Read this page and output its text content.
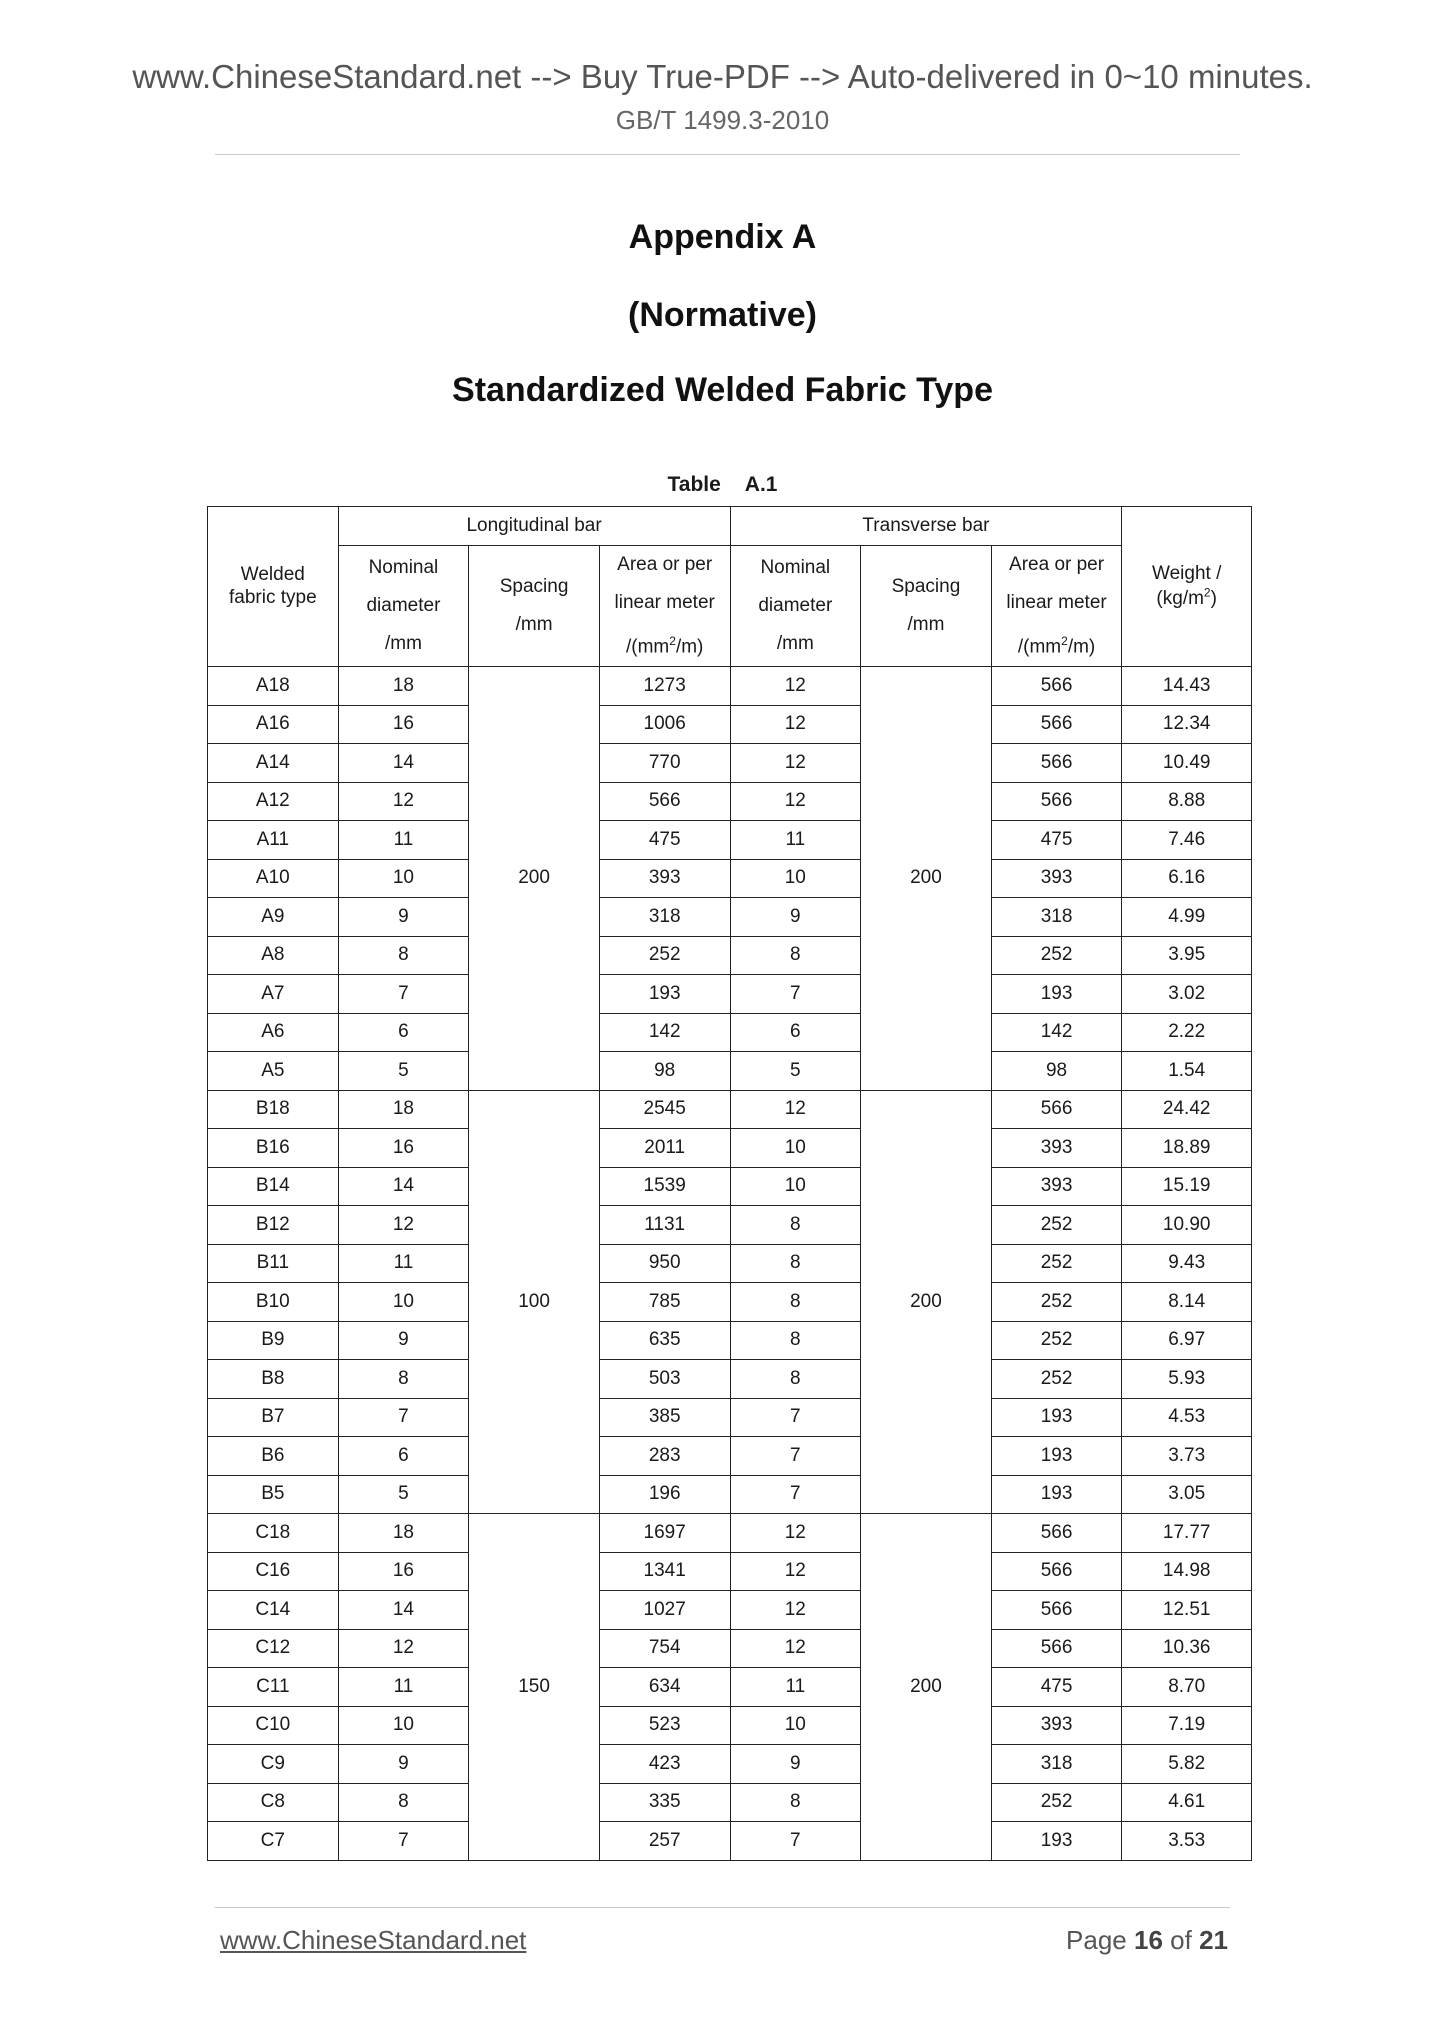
www.ChineseStandard.net --> Buy True-PDF --> Auto-delivered in 0~10 minutes.
GB/T 1499.3-2010
Appendix A
(Normative)
Standardized Welded Fabric Type
Table A.1
Welded
fabric type	Longitudinal bar			Transverse bar			Weight /
$(kg/m^2)$
	Nominal
diameter
/mm	Spacing
/mm	Area or per
linear meter
$/(mm^2/m)$	Nominal
diameter
/mm	Spacing
/mm	Area or per
linear meter
$/(mm^2/m)$	
A18	18	200	1273	12	200	566	14.43
A16	16		1006	12		566	12.34
A14	14		770	12		566	10.49
A12	12		566	12		566	8.88
A11	11		475	11		475	7.46
A10	10		393	10		393	6.16
A9	9		318	9		318	4.99
A8	8		252	8		252	3.95
A7	7		193	7		193	3.02
A6	6		142	6		142	2.22
A5	5		98	5		98	1.54
B18	18	100	2545	12	200	566	24.42
B16	16		2011	10		393	18.89
B14	14		1539	10		393	15.19
B12	12		1131	8		252	10.90
B11	11		950	8		252	9.43
B10	10		785	8		252	8.14
B9	9		635	8		252	6.97
B8	8		503	8		252	5.93
B7	7		385	7		193	4.53
B6	6		283	7		193	3.73
B5	5		196	7		193	3.05
C18	18	150	1697	12	200	566	17.77
C16	16		1341	12		566	14.98
C14	14		1027	12		566	12.51
C12	12		754	12		566	10.36
C11	11		634	11		475	8.70
C10	10		523	10		393	7.19
C9	9		423	9		318	5.82
C8	8		335	8		252	4.61
C7	7		257	7		193	3.53
www.ChineseStandard.net	Page 16 of 21
